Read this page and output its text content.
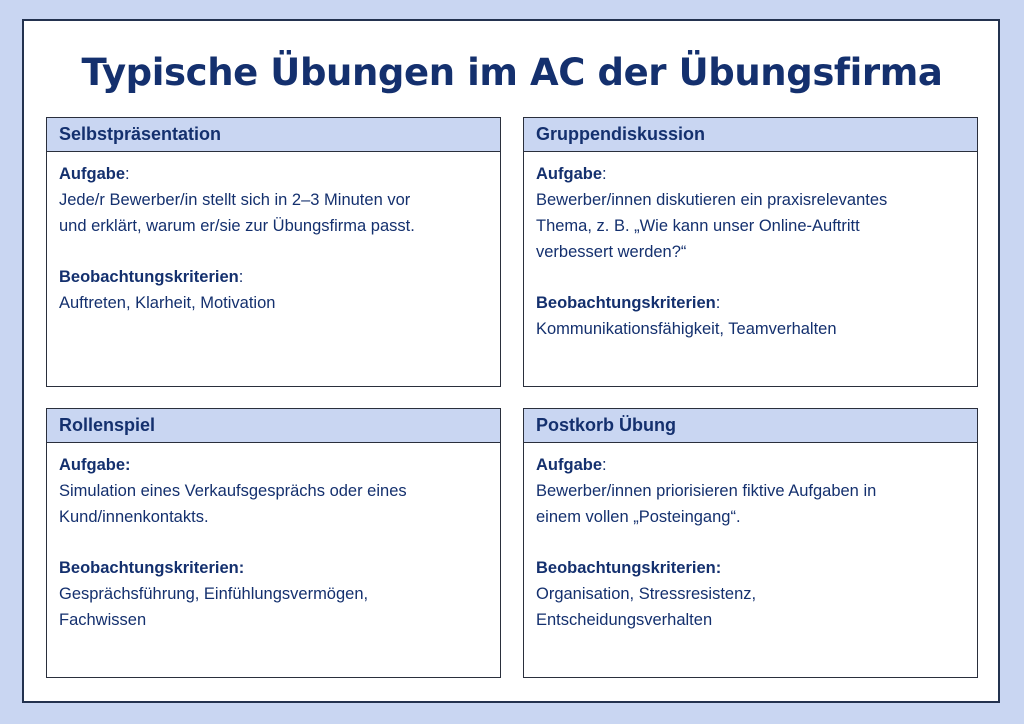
Typische Übungen im AC der Übungsfirma
Selbstpräsentation
Aufgabe:
Jede/r Bewerber/in stellt sich in 2–3 Minuten vor
und erklärt, warum er/sie zur Übungsfirma passt.
Beobachtungskriterien:
Auftreten, Klarheit, Motivation
Gruppendiskussion
Aufgabe:
Bewerber/innen diskutieren ein praxisrelevantes
Thema, z. B. „Wie kann unser Online-Auftritt
verbessert werden?“
Beobachtungskriterien:
Kommunikationsfähigkeit, Teamverhalten
Rollenspiel
Aufgabe:
Simulation eines Verkaufsgesprächs oder eines
Kund/innenkontakts.
Beobachtungskriterien:
Gesprächsführung, Einfühlungsvermögen,
Fachwissen
Postkorb Übung
Aufgabe:
Bewerber/innen priorisieren fiktive Aufgaben in
einem vollen „Posteingang“.
Beobachtungskriterien:
Organisation, Stressresistenz,
Entscheidungsverhalten
